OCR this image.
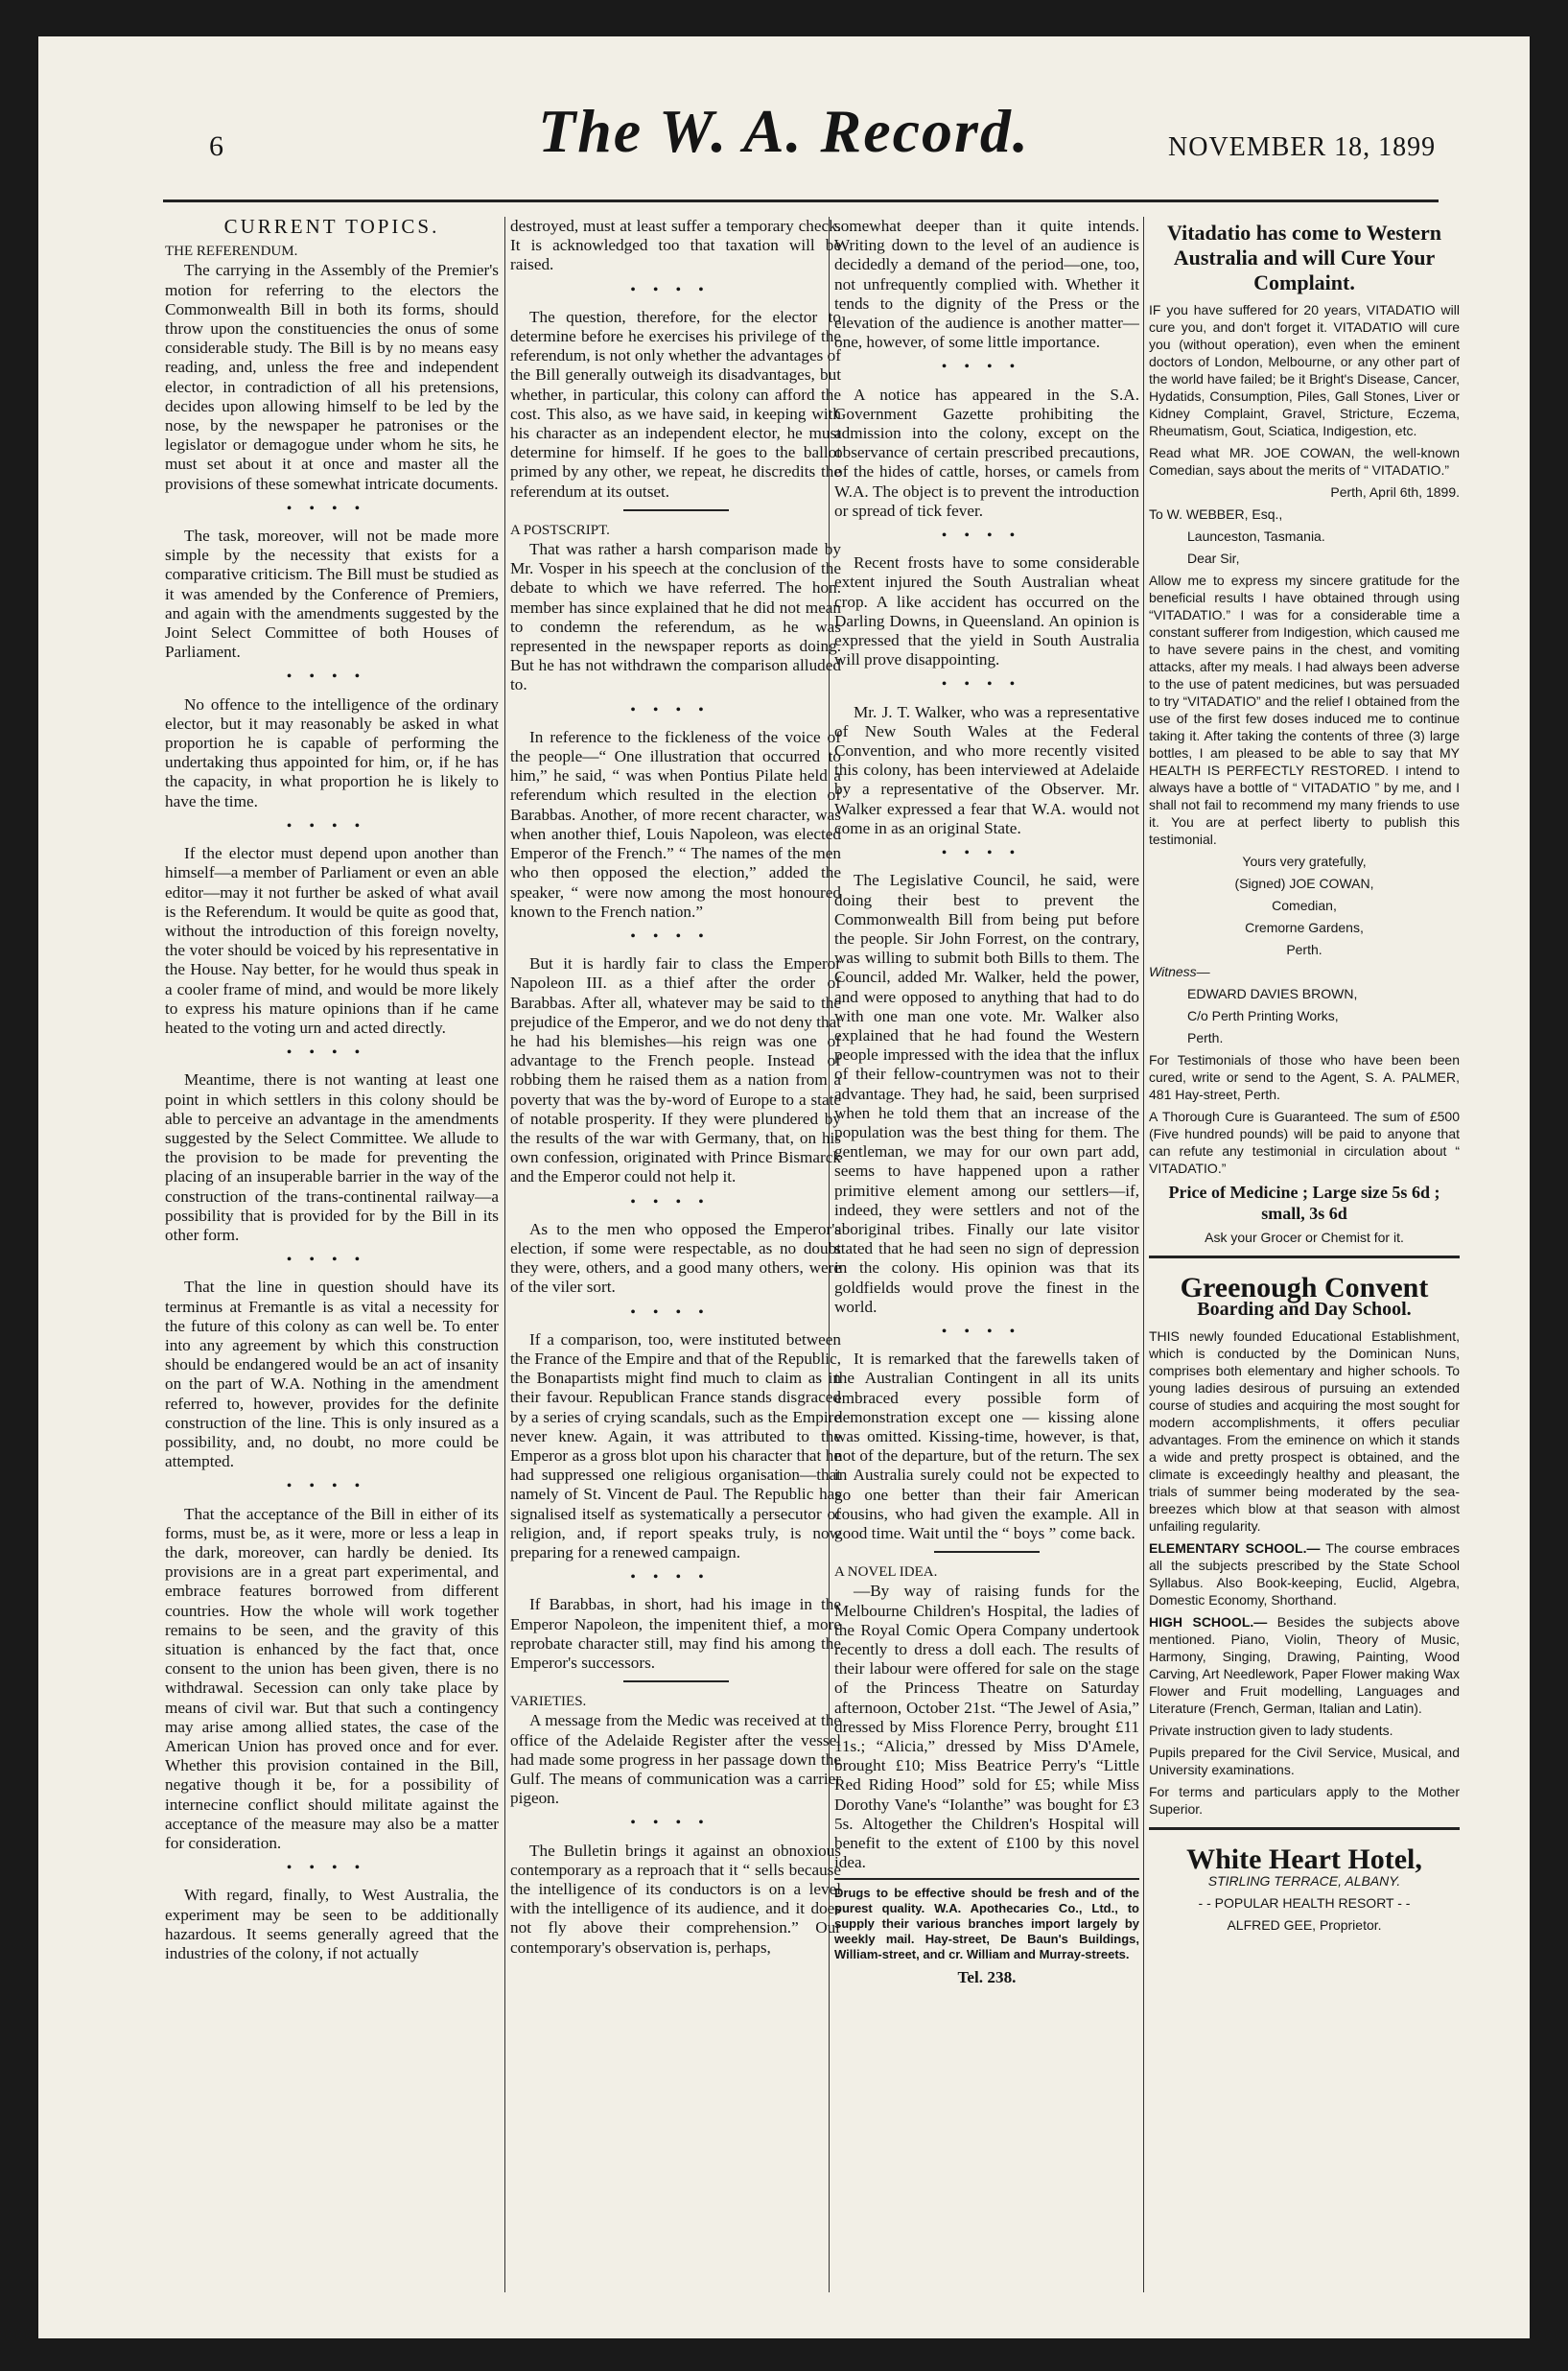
6	The W. A. Record.	NOVEMBER 18, 1899
CURRENT TOPICS.
THE REFERENDUM.

The carrying in the Assembly of the Premier's motion for referring to the electors the Commonwealth Bill in both its forms, should throw upon the constituencies the onus of some considerable study. The Bill is by no means easy reading, and, unless the free and independent elector, in contradiction of all his pretensions, decides upon allowing himself to be led by the nose, by the newspaper he patronises or the legislator or demagogue under whom he sits, he must set about it at once and master all the provisions of these somewhat intricate documents.

••••

The task, moreover, will not be made more simple by the necessity that exists for a comparative criticism. The Bill must be studied as it was amended by the Conference of Premiers, and again with the amendments suggested by the Joint Select Committee of both Houses of Parliament.

••••

No offence to the intelligence of the ordinary elector, but it may reasonably be asked in what proportion he is capable of performing the undertaking thus appointed for him, or, if he has the capacity, in what proportion he is likely to have the time.

••••

If the elector must depend upon another than himself—a member of Parliament or even an able editor—may it not further be asked of what avail is the Referendum. It would be quite as good that, without the introduction of this foreign novelty, the voter should be voiced by his representative in the House. Nay better, for he would thus speak in a cooler frame of mind, and would be more likely to express his mature opinions than if he came heated to the voting urn and acted directly.

••••

Meantime, there is not wanting at least one point in which settlers in this colony should be able to perceive an advantage in the amendments suggested by the Select Committee. We allude to the provision to be made for preventing the placing of an insuperable barrier in the way of the construction of the trans-continental railway—a possibility that is provided for by the Bill in its other form.

••••

That the line in question should have its terminus at Fremantle is as vital a necessity for the future of this colony as can well be. To enter into any agreement by which this construction should be endangered would be an act of insanity on the part of W.A. Nothing in the amendment referred to, however, provides for the definite construction of the line. This is only insured as a possibility, and, no doubt, no more could be attempted.

••••

That the acceptance of the Bill in either of its forms, must be, as it were, more or less a leap in the dark, moreover, can hardly be denied. Its provisions are in a great part experimental, and embrace features borrowed from different countries. How the whole will work together remains to be seen, and the gravity of this situation is enhanced by the fact that, once consent to the union has been given, there is no withdrawal. Secession can only take place by means of civil war. But that such a contingency may arise among allied states, the case of the American Union has proved once and for ever. Whether this provision contained in the Bill, negative though it be, for a possibility of internecine conflict should militate against the acceptance of the measure may also be a matter for consideration.

••••

With regard, finally, to West Australia, the experiment may be seen to be additionally hazardous. It seems generally agreed that the industries of the colony, if not actually

destroyed, must at least suffer a temporary check. It is acknowledged too that taxation will be raised.

••••

The question, therefore, for the elector to determine before he exercises his privilege of the referendum, is not only whether the advantages of the Bill generally outweigh its disadvantages, but whether, in particular, this colony can afford the cost. This also, as we have said, in keeping with his character as an independent elector, he must determine for himself. If he goes to the ballot primed by any other, we repeat, he discredits the referendum at its outset.

A POSTSCRIPT.

That was rather a harsh comparison made by Mr. Vosper in his speech at the conclusion of the debate to which we have referred. The hon. member has since explained that he did not mean to condemn the referendum, as he was represented in the newspaper reports as doing. But he has not withdrawn the comparison alluded to.

••••

In reference to the fickleness of the voice of the people—“ One illustration that occurred to him,” he said, “ was when Pontius Pilate held a referendum which resulted in the election of Barabbas. Another, of more recent character, was when another thief, Louis Napoleon, was elected Emperor of the French.” “ The names of the men who then opposed the election,” added the speaker, “ were now among the most honoured known to the French nation.”

••••

But it is hardly fair to class the Emperor Napoleon III. as a thief after the order of Barabbas. After all, whatever may be said to the prejudice of the Emperor, and we do not deny that he had his blemishes—his reign was one of advantage to the French people. Instead of robbing them he raised them as a nation from a poverty that was the by-word of Europe to a state of notable prosperity. If they were plundered by the results of the war with Germany, that, on his own confession, originated with Prince Bismarck and the Emperor could not help it.

••••

As to the men who opposed the Emperor's election, if some were respectable, as no doubt they were, others, and a good many others, were of the viler sort.

••••

If a comparison, too, were instituted between the France of the Empire and that of the Republic, the Bonapartists might find much to claim as in their favour. Republican France stands disgraced by a series of crying scandals, such as the Empire never knew. Again, it was attributed to the Emperor as a gross blot upon his character that he had suppressed one religious organisation—that namely of St. Vincent de Paul. The Republic has signalised itself as systematically a persecutor of religion, and, if report speaks truly, is now preparing for a renewed campaign.

••••

If Barabbas, in short, had his image in the Emperor Napoleon, the impenitent thief, a more reprobate character still, may find his among the Emperor's successors.

VARIETIES.

A message from the Medic was received at the office of the Adelaide Register after the vessel had made some progress in her passage down the Gulf. The means of communication was a carrier pigeon.

••••

The Bulletin brings it against an obnoxious contemporary as a reproach that it “ sells because the intelligence of its conductors is on a level with the intelligence of its audience, and it does not fly above their comprehension.” Our contemporary's observation is, perhaps,

somewhat deeper than it quite intends. Writing down to the level of an audience is decidedly a demand of the period—one, too, not unfrequently complied with. Whether it tends to the dignity of the Press or the elevation of the audience is another matter—one, however, of some little importance.

••••

A notice has appeared in the S.A. Government Gazette prohibiting the admission into the colony, except on the observance of certain prescribed precautions, of the hides of cattle, horses, or camels from W.A. The object is to prevent the introduction or spread of tick fever.

••••

Recent frosts have to some considerable extent injured the South Australian wheat crop. A like accident has occurred on the Darling Downs, in Queensland. An opinion is expressed that the yield in South Australia will prove disappointing.

••••

Mr. J. T. Walker, who was a representative of New South Wales at the Federal Convention, and who more recently visited this colony, has been interviewed at Adelaide by a representative of the Observer. Mr. Walker expressed a fear that W.A. would not come in as an original State.

••••

The Legislative Council, he said, were doing their best to prevent the Commonwealth Bill from being put before the people. Sir John Forrest, on the contrary, was willing to submit both Bills to them. The Council, added Mr. Walker, held the power, and were opposed to anything that had to do with one man one vote. Mr. Walker also explained that he had found the Western people impressed with the idea that the influx of their fellow-countrymen was not to their advantage. They had, he said, been surprised when he told them that an increase of the population was the best thing for them. The gentleman, we may for our own part add, seems to have happened upon a rather primitive element among our settlers—if, indeed, they were settlers and not of the aboriginal tribes. Finally our late visitor stated that he had seen no sign of depression in the colony. His opinion was that its goldfields would prove the finest in the world.

••••

It is remarked that the farewells taken of the Australian Contingent in all its units embraced every possible form of demonstration except one — kissing alone was omitted. Kissing-time, however, is that, not of the departure, but of the return. The sex in Australia surely could not be expected to go one better than their fair American cousins, who had given the example. All in good time. Wait until the “ boys ” come back.

A NOVEL IDEA.

—By way of raising funds for the Melbourne Children's Hospital, the ladies of the Royal Comic Opera Company undertook recently to dress a doll each. The results of their labour were offered for sale on the stage of the Princess Theatre on Saturday afternoon, October 21st. “The Jewel of Asia,” dressed by Miss Florence Perry, brought £11 11s.; “Alicia,” dressed by Miss D'Amele, brought £10; Miss Beatrice Perry's “Little Red Riding Hood” sold for £5; while Miss Dorothy Vane's “Iolanthe” was bought for £3 5s. Altogether the Children's Hospital will benefit to the extent of £100 by this novel idea.

Drugs to be effective should be fresh and of the purest quality. W.A. Apothecaries Co., Ltd., to supply their various branches import largely by weekly mail. Hay-street, De Baun's Buildings, William-street, and cr. William and Murray-streets.

Tel. 238.
Vitadatio has come to Western Australia and will Cure Your Complaint.

IF you have suffered for 20 years, VITADATIO will cure you, and don't forget it. VITADATIO will cure you (without operation), even when the eminent doctors of London, Melbourne, or any other part of the world have failed; be it Bright's Disease, Cancer, Hydatids, Consumption, Piles, Gall Stones, Liver or Kidney Complaint, Gravel, Stricture, Eczema, Rheumatism, Gout, Sciatica, Indigestion, etc.

Read what MR. JOE COWAN, the well-known Comedian, says about the merits of “ VITADATIO.”

Perth, April 6th, 1899.

To W. WEBBER, Esq.,

Launceston, Tasmania.

Dear Sir,

Allow me to express my sincere gratitude for the beneficial results I have obtained through using “VITADATIO.” I was for a considerable time a constant sufferer from Indigestion, which caused me to have severe pains in the chest, and vomiting attacks, after my meals. I had always been adverse to the use of patent medicines, but was persuaded to try “VITADATIO” and the relief I obtained from the use of the first few doses induced me to continue taking it. After taking the contents of three (3) large bottles, I am pleased to be able to say that MY HEALTH IS PERFECTLY RESTORED. I intend to always have a bottle of “ VITADATIO ” by me, and I shall not fail to recommend my many friends to use it. You are at perfect liberty to publish this testimonial.

Yours very gratefully,

(Signed) JOE COWAN,

Comedian,

Cremorne Gardens,

Perth.

Witness—

EDWARD DAVIES BROWN,

C/o Perth Printing Works,

Perth.

For Testimonials of those who have been been cured, write or send to the Agent, S. A. PALMER, 481 Hay-street, Perth.

A Thorough Cure is Guaranteed. The sum of £500 (Five hundred pounds) will be paid to anyone that can refute any testimonial in circulation about “ VITADATIO.”

Price of Medicine ; Large size 5s 6d ; small, 3s 6d

Ask your Grocer or Chemist for it.

Greenough Convent
Boarding and Day School.

THIS newly founded Educational Establishment, which is conducted by the Dominican Nuns, comprises both elementary and higher schools. To young ladies desirous of pursuing an extended course of studies and acquiring the most sought for modern accomplishments, it offers peculiar advantages. From the eminence on which it stands a wide and pretty prospect is obtained, and the climate is exceedingly healthy and pleasant, the trials of summer being moderated by the sea-breezes which blow at that season with almost unfailing regularity.

ELEMENTARY SCHOOL.— The course embraces all the subjects prescribed by the State School Syllabus. Also Book-keeping, Euclid, Algebra, Domestic Economy, Shorthand.

HIGH SCHOOL.— Besides the subjects above mentioned. Piano, Violin, Theory of Music, Harmony, Singing, Drawing, Painting, Wood Carving, Art Needlework, Paper Flower making Wax Flower and Fruit modelling, Languages and Literature (French, German, Italian and Latin).

Private instruction given to lady students.

Pupils prepared for the Civil Service, Musical, and University examinations.

For terms and particulars apply to the Mother Superior.

White Heart Hotel,

STIRLING TERRACE, ALBANY.

- - POPULAR HEALTH RESORT - -

ALFRED GEE, Proprietor.
